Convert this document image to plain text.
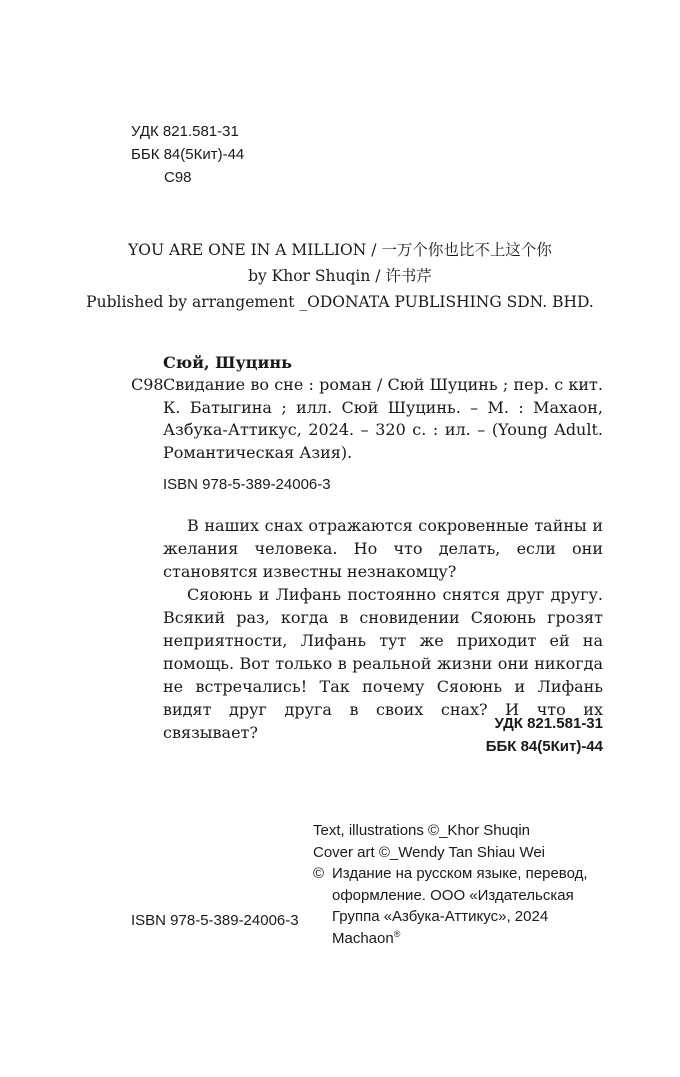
УДК 821.581-31
ББК 84(5Кит)-44
С98
YOU ARE ONE IN A MILLION / 一万个你也比不上这个你
by Khor Shuqin / 许书芹
Published by arrangement _ODONATA PUBLISHING SDN. BHD.
Сюй, Шуцинь
С98 Свидание во сне : роман / Сюй Шуцинь ; пер. с кит. К. Батыгина ; илл. Сюй Шуцинь. – М. : Махаон, Азбука-Аттикус, 2024. – 320 с. : ил. – (Young Adult. Романтическая Азия).
ISBN 978-5-389-24006-3

В наших снах отражаются сокровенные тайны и желания человека. Но что делать, если они становятся известны незнакомцу?

Сяоюнь и Лифань постоянно снятся друг другу. Всякий раз, когда в сновидении Сяоюнь грозят неприятности, Лифань тут же приходит ей на помощь. Вот только в реальной жизни они никогда не встречались! Так почему Сяоюнь и Лифань видят друг друга в своих снах? И что их связывает?	УДК 821.581-31
ББК 84(5Кит)-44
Text, illustrations ©_Khor Shuqin
Cover art ©_Wendy Tan Shiau Wei
© Издание на русском языке, перевод, оформление. ООО «Издательская Группа «Азбука-Аттикус», 2024
Machaon®
ISBN 978-5-389-24006-3
